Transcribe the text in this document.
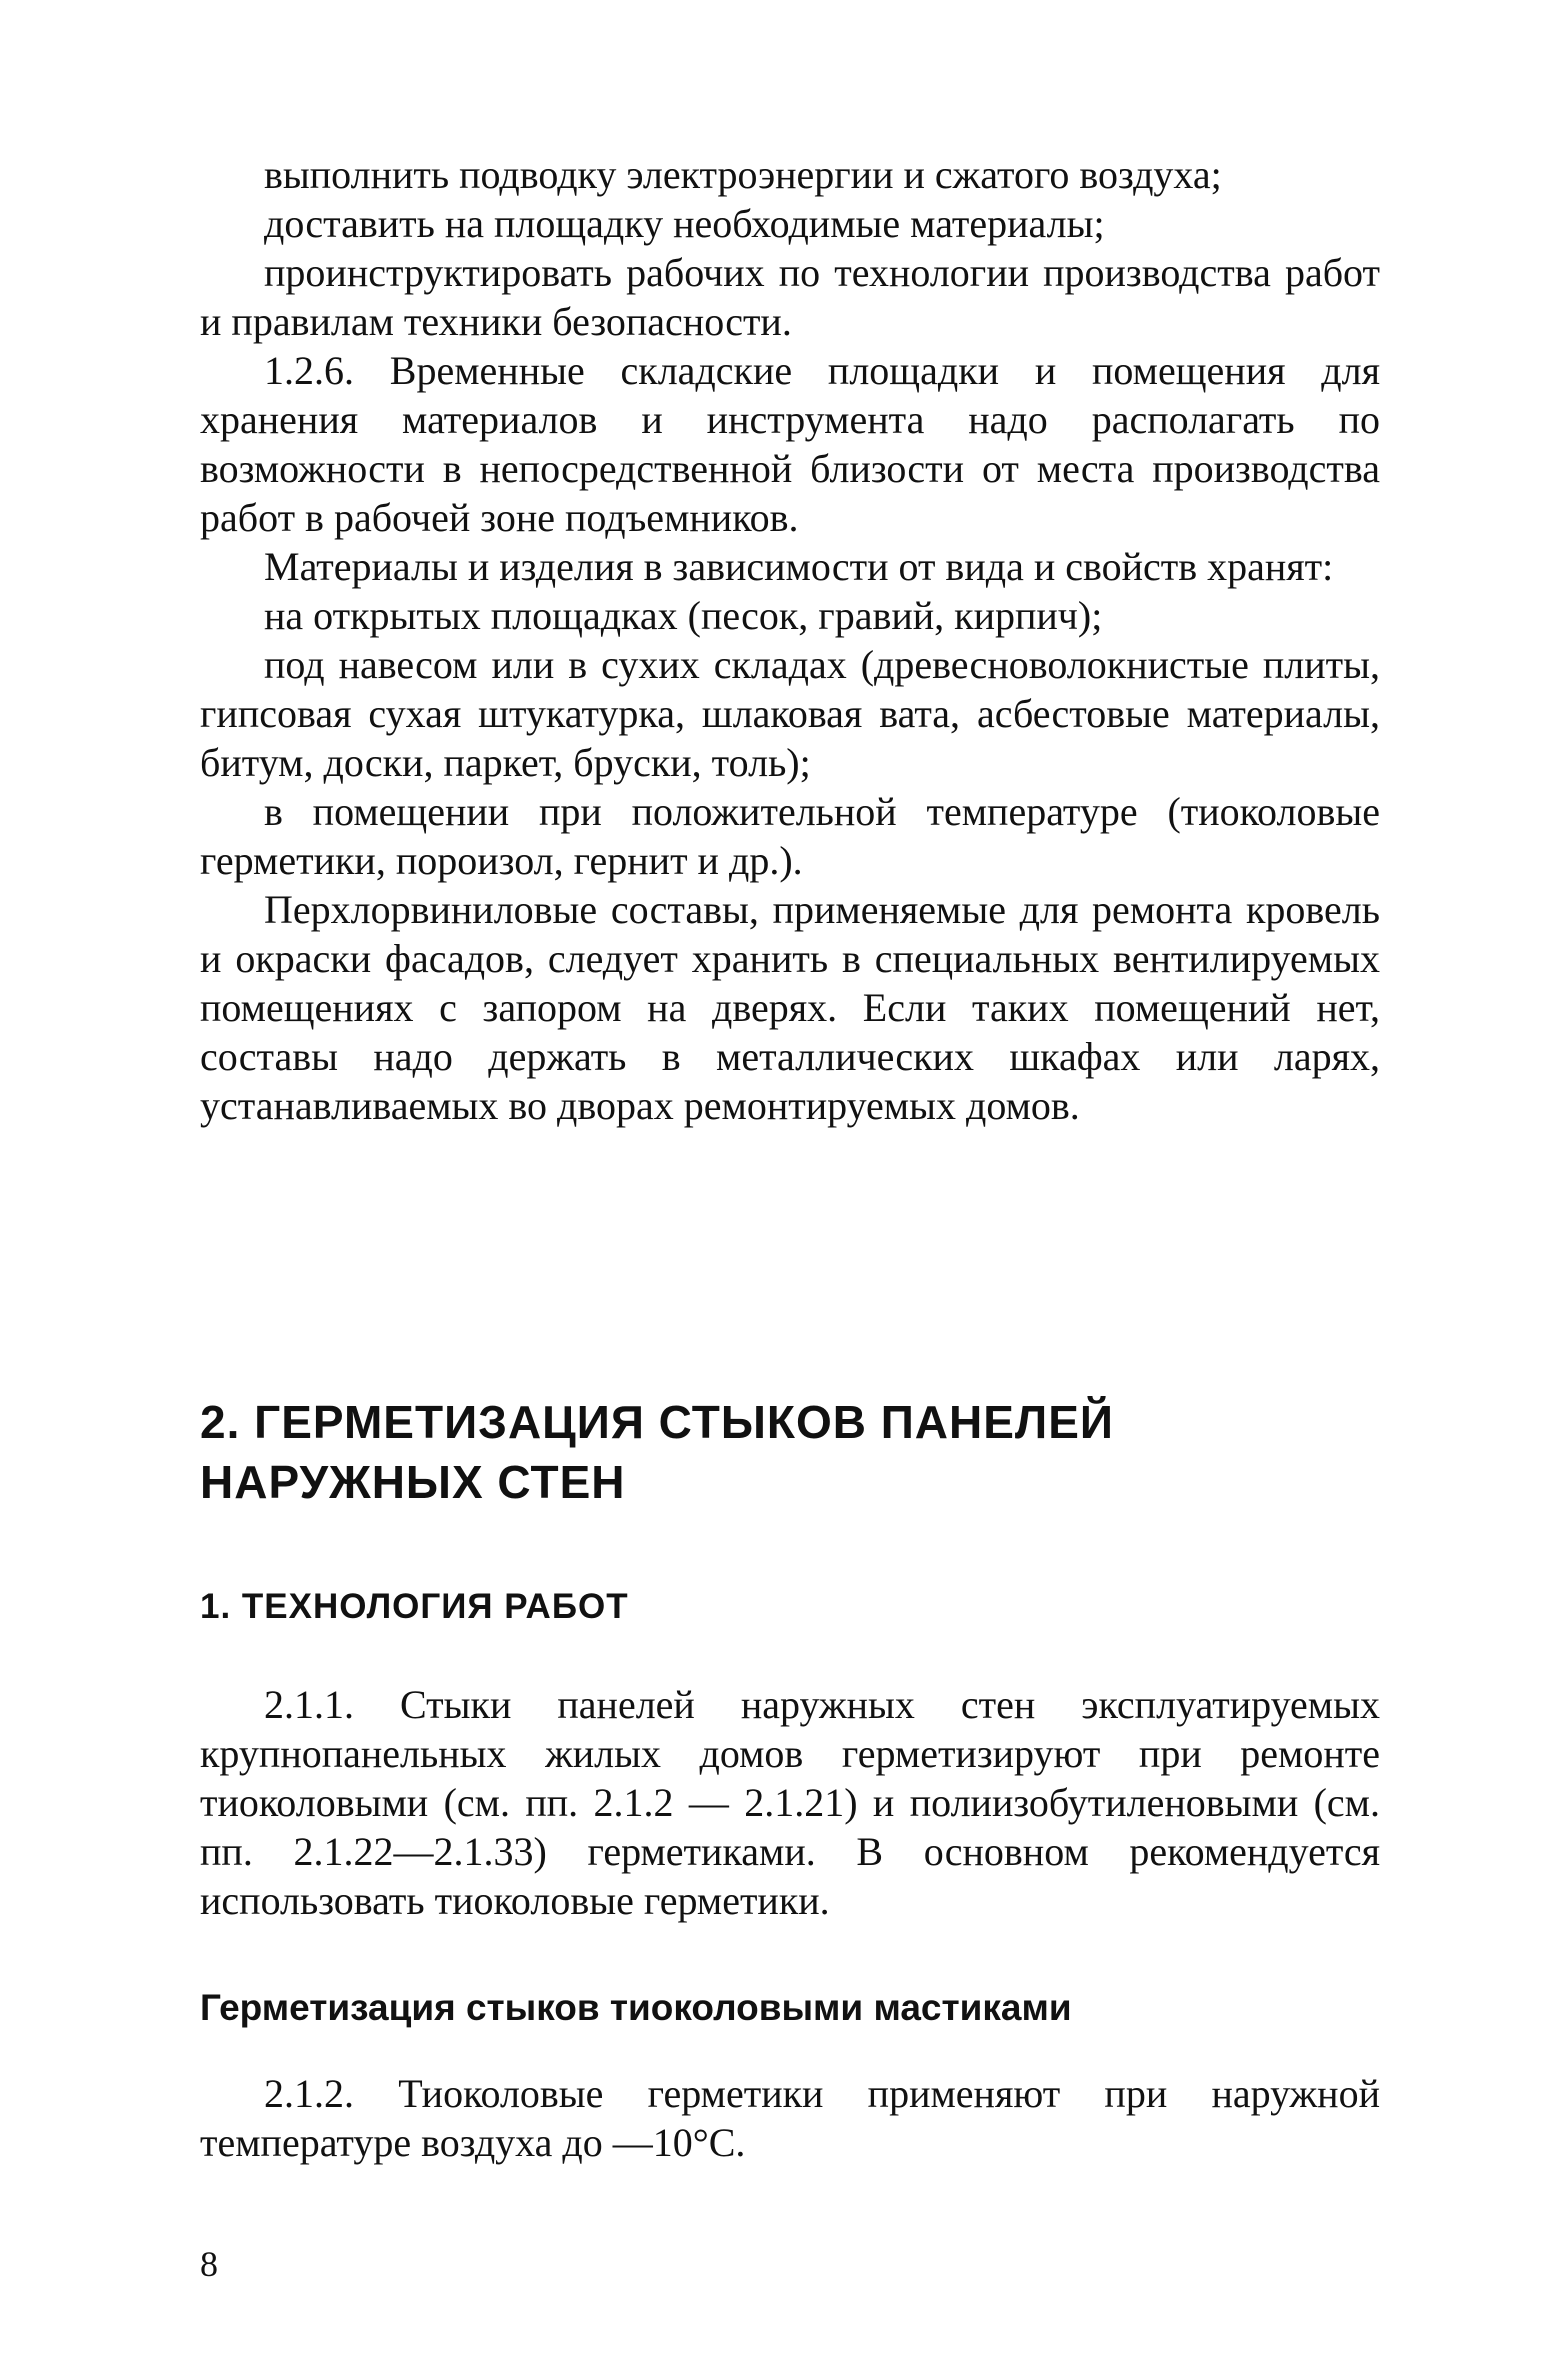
выполнить подводку электроэнергии и сжатого воздуха;

доставить на площадку необходимые материалы;

проинструктировать рабочих по технологии производства работ и правилам техники безопасности.

1.2.6. Временные складские площадки и помещения для хранения материалов и инструмента надо располагать по возможности в непосредственной близости от места производства работ в рабочей зоне подъемников.

Материалы и изделия в зависимости от вида и свойств хранят:

на открытых площадках (песок, гравий, кирпич);

под навесом или в сухих складах (древесноволокнистые плиты, гипсовая сухая штукатурка, шлаковая вата, асбестовые материалы, битум, доски, паркет, бруски, толь);

в помещении при положительной температуре (тиоколовые герметики, пороизол, гернит и др.).

Перхлорвиниловые составы, применяемые для ремонта кровель и окраски фасадов, следует хранить в специальных вентилируемых помещениях с запором на дверях. Если таких помещений нет, составы надо держать в металлических шкафах или ларях, устанавливаемых во дворах ремонтируемых домов.

2. ГЕРМЕТИЗАЦИЯ СТЫКОВ ПАНЕЛЕЙ
НАРУЖНЫХ СТЕН
1. ТЕХНОЛОГИЯ РАБОТ

2.1.1. Стыки панелей наружных стен эксплуатируемых крупнопанельных жилых домов герметизируют при ремонте тиоколовыми (см. пп. 2.1.2 — 2.1.21) и полиизобутиленовыми (см. пп. 2.1.22—2.1.33) герметиками. В основном рекомендуется использовать тиоколовые герметики.

Герметизация стыков тиоколовыми мастиками

2.1.2. Тиоколовые герметики применяют при наружной температуре воздуха до —10°С.

8
